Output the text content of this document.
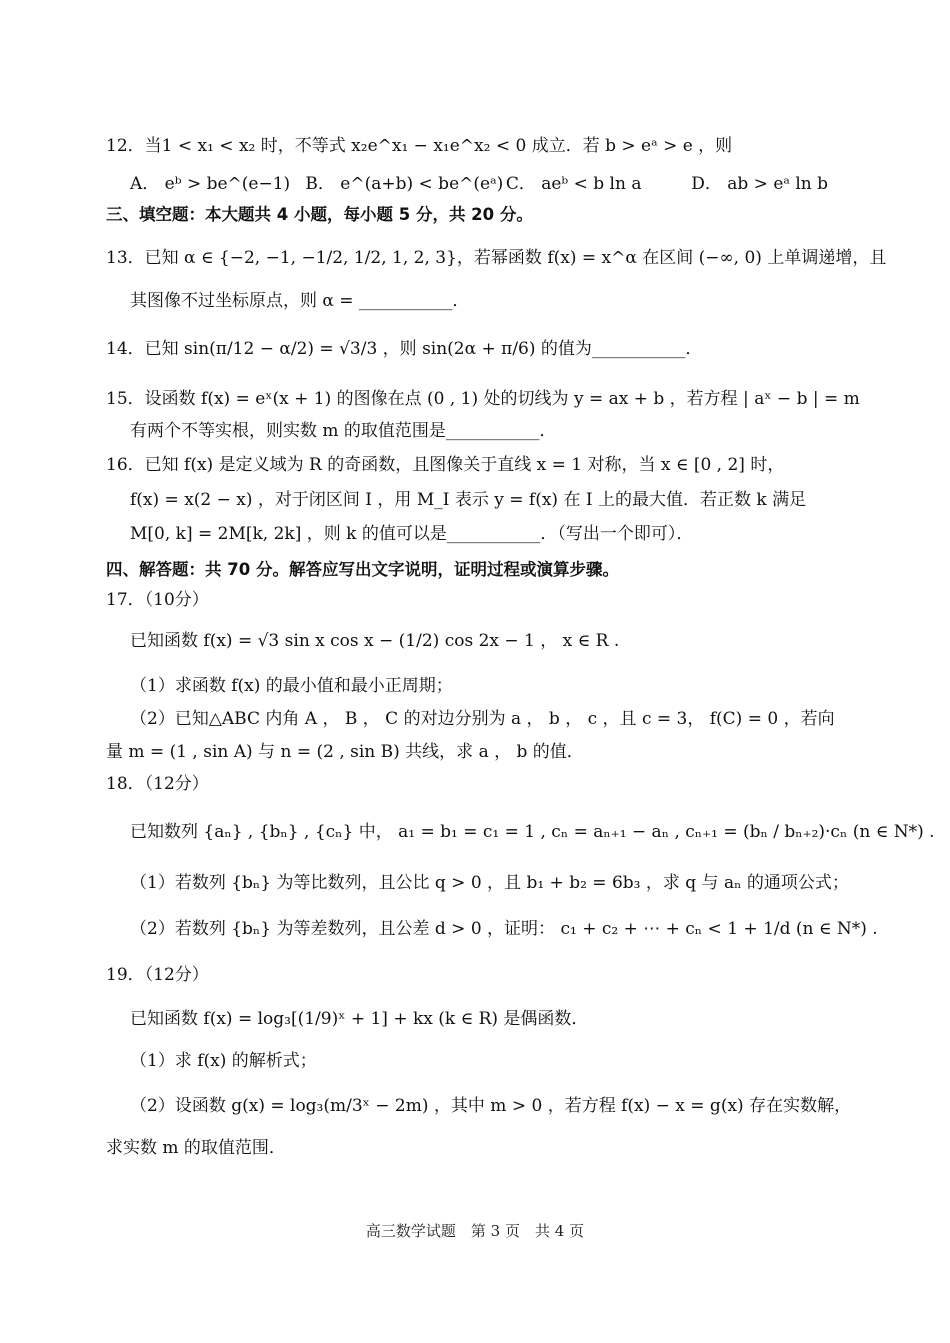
12．当1 < x₁ < x₂ 时，不等式 x₂e^x₁ − x₁e^x₂ < 0 成立．若 b > eᵃ > e ，则
A． eᵇ > be^(e−1) B． e^(a+b) < be^(eᵃ) C． aeᵇ < b ln a	D． ab > eᵃ ln b
三、填空题：本大题共 4 小题，每小题 5 分，共 20 分。
13．已知 α ∈ {−2, −1, −1/2, 1/2, 1, 2, 3}，若幂函数 f(x) = x^α 在区间 (−∞, 0) 上单调递增，且
其图像不过坐标原点，则 α = ___________．
14．已知 sin(π/12 − α/2) = √3/3 ，则 sin(2α + π/6) 的值为___________．
15．设函数 f(x) = eˣ(x + 1) 的图像在点 (0 , 1) 处的切线为 y = ax + b ，若方程 | aˣ − b | = m
有两个不等实根，则实数 m 的取值范围是___________．
16．已知 f(x) 是定义域为 R 的奇函数，且图像关于直线 x = 1 对称，当 x ∈ [0 , 2] 时，
f(x) = x(2 − x) ，对于闭区间 I ，用 M_I 表示 y = f(x) 在 I 上的最大值．若正数 k 满足
M[0, k] = 2M[k, 2k] ，则 k 的值可以是___________．（写出一个即可）．
四、解答题：共 70 分。解答应写出文字说明，证明过程或演算步骤。
17．（10分）
已知函数 f(x) = √3 sin x cos x − (1/2) cos 2x − 1 ， x ∈ R .
（1）求函数 f(x) 的最小值和最小正周期；
（2）已知△ABC 内角 A ， B ， C 的对边分别为 a ， b ， c ，且 c = 3， f(C) = 0 ，若向
量 m = (1 , sin A) 与 n = (2 , sin B) 共线，求 a ， b 的值．
18．（12分）
已知数列 {aₙ} , {bₙ} , {cₙ} 中， a₁ = b₁ = c₁ = 1 , cₙ = aₙ₊₁ − aₙ , cₙ₊₁ = (bₙ / bₙ₊₂)·cₙ (n ∈ N*) .
（1）若数列 {bₙ} 为等比数列，且公比 q > 0 ，且 b₁ + b₂ = 6b₃ ，求 q 与 aₙ 的通项公式；
（2）若数列 {bₙ} 为等差数列，且公差 d > 0 ，证明： c₁ + c₂ + ⋯ + cₙ < 1 + 1/d (n ∈ N*) .
19．（12分）
已知函数 f(x) = log₃[(1/9)ˣ + 1] + kx (k ∈ R) 是偶函数．
（1）求 f(x) 的解析式；
（2）设函数 g(x) = log₃(m/3ˣ − 2m) ，其中 m > 0 ，若方程 f(x) − x = g(x) 存在实数解，
求实数 m 的取值范围．
高三数学试题　第 3 页　共 4 页
